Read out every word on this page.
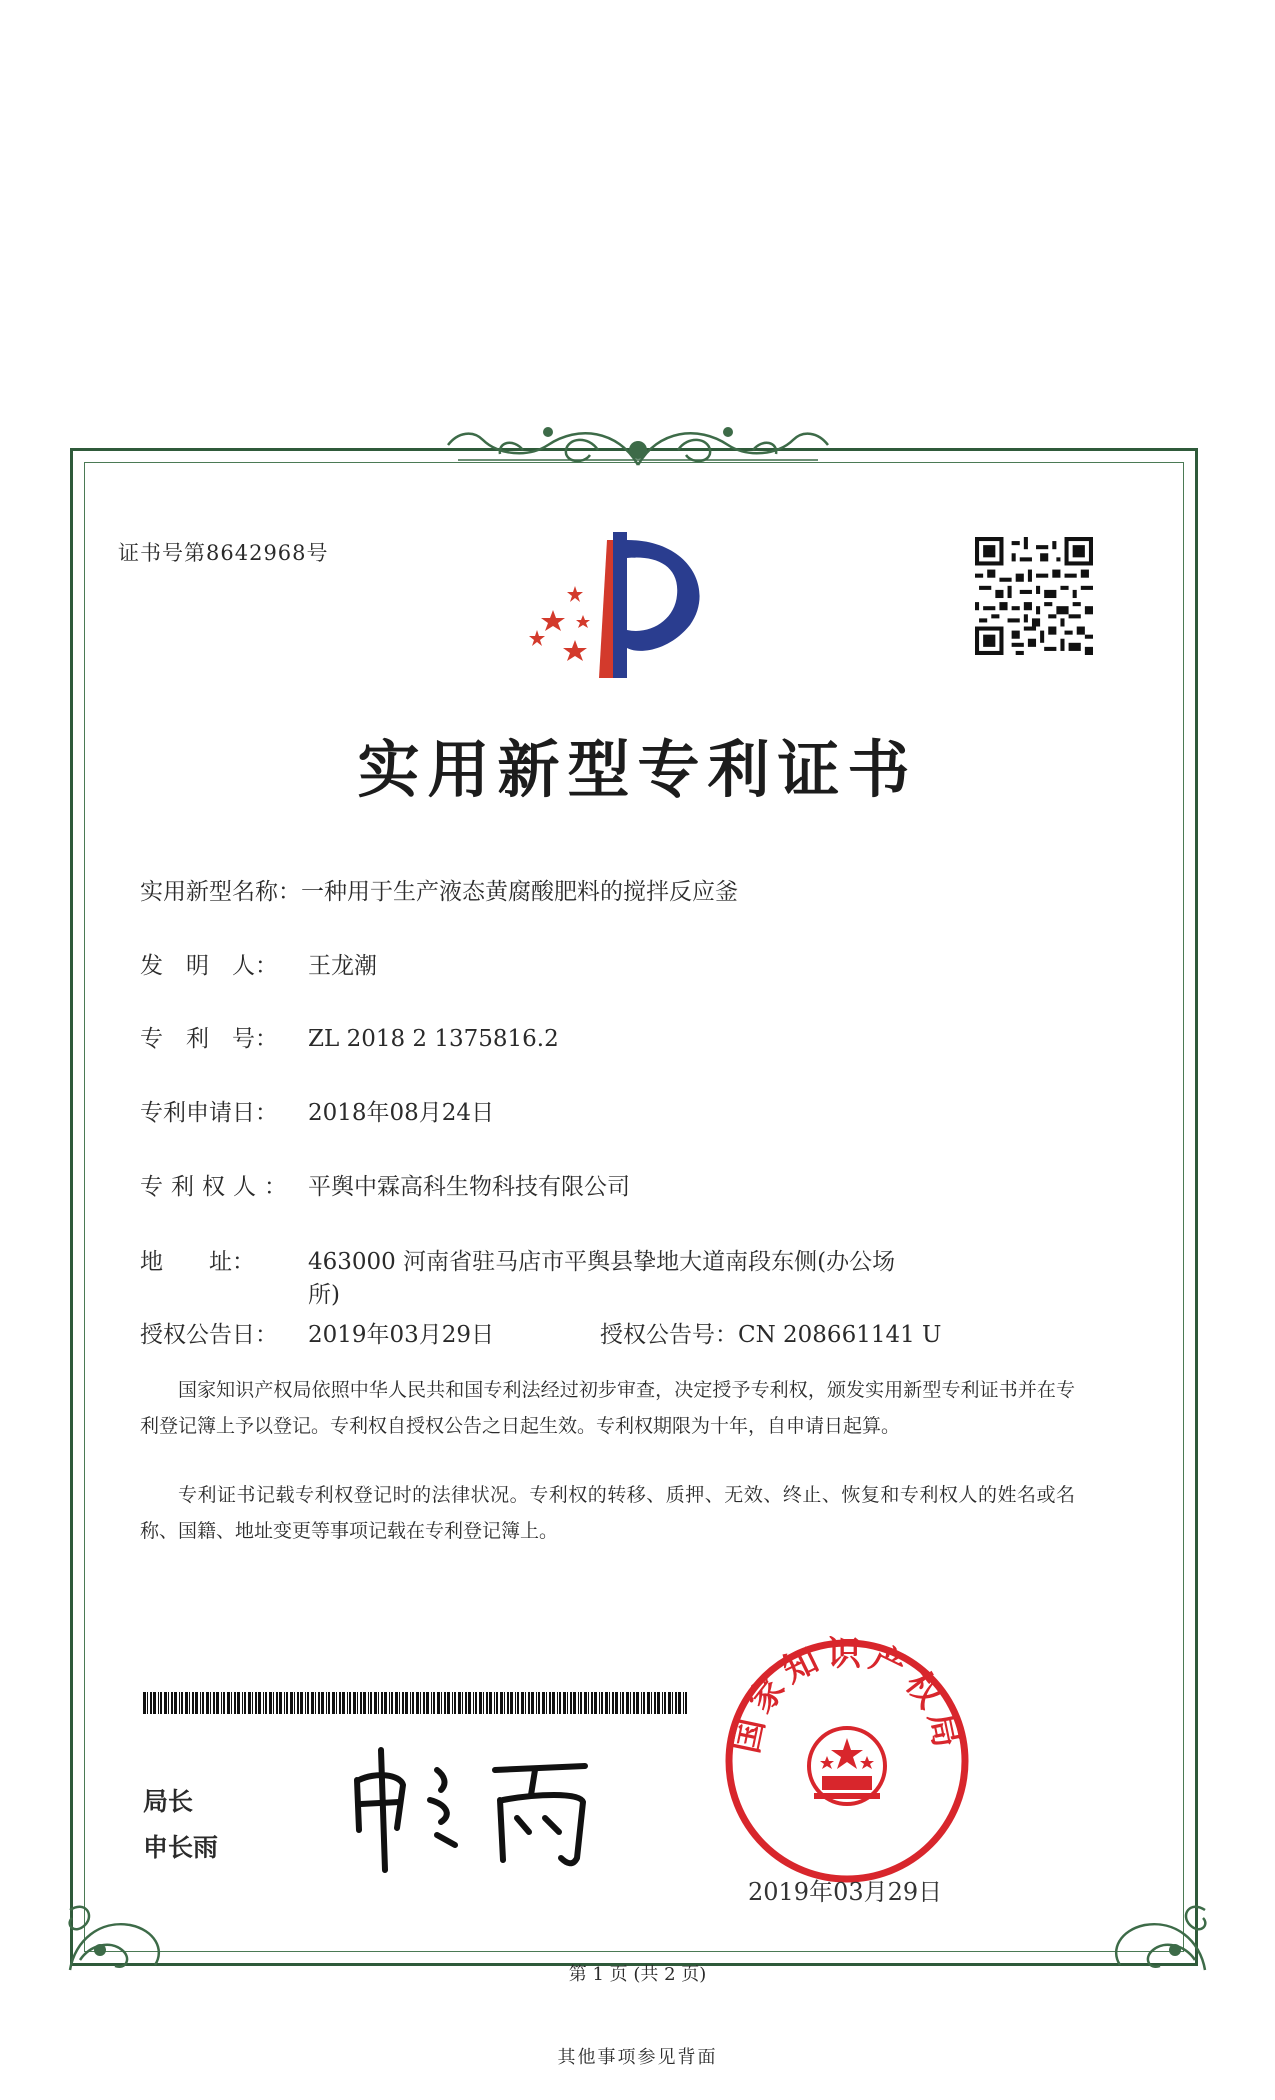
证书号第8642968号
实用新型专利证书
实用新型名称：一种用于生产液态黄腐酸肥料的搅拌反应釜
发　明　人： 王龙潮
专　利　号： ZL 2018 2 1375816.2
专利申请日： 2018年08月24日
专利权人： 平舆中霖高科生物科技有限公司
地　　址： 463000 河南省驻马店市平舆县挚地大道南段东侧(办公场
所)
授权公告日： 2019年03月29日	授权公告号：CN 208661141 U

国家知识产权局依照中华人民共和国专利法经过初步审查，决定授予专利权，颁发实用新型专利证书并在专利登记簿上予以登记。专利权自授权公告之日起生效。专利权期限为十年，自申请日起算。

专利证书记载专利权登记时的法律状况。专利权的转移、质押、无效、终止、恢复和专利权人的姓名或名称、国籍、地址变更等事项记载在专利登记簿上。

局长
申长雨
国家知识产权局
2019年03月29日
第 1 页 (共 2 页)
其他事项参见背面
